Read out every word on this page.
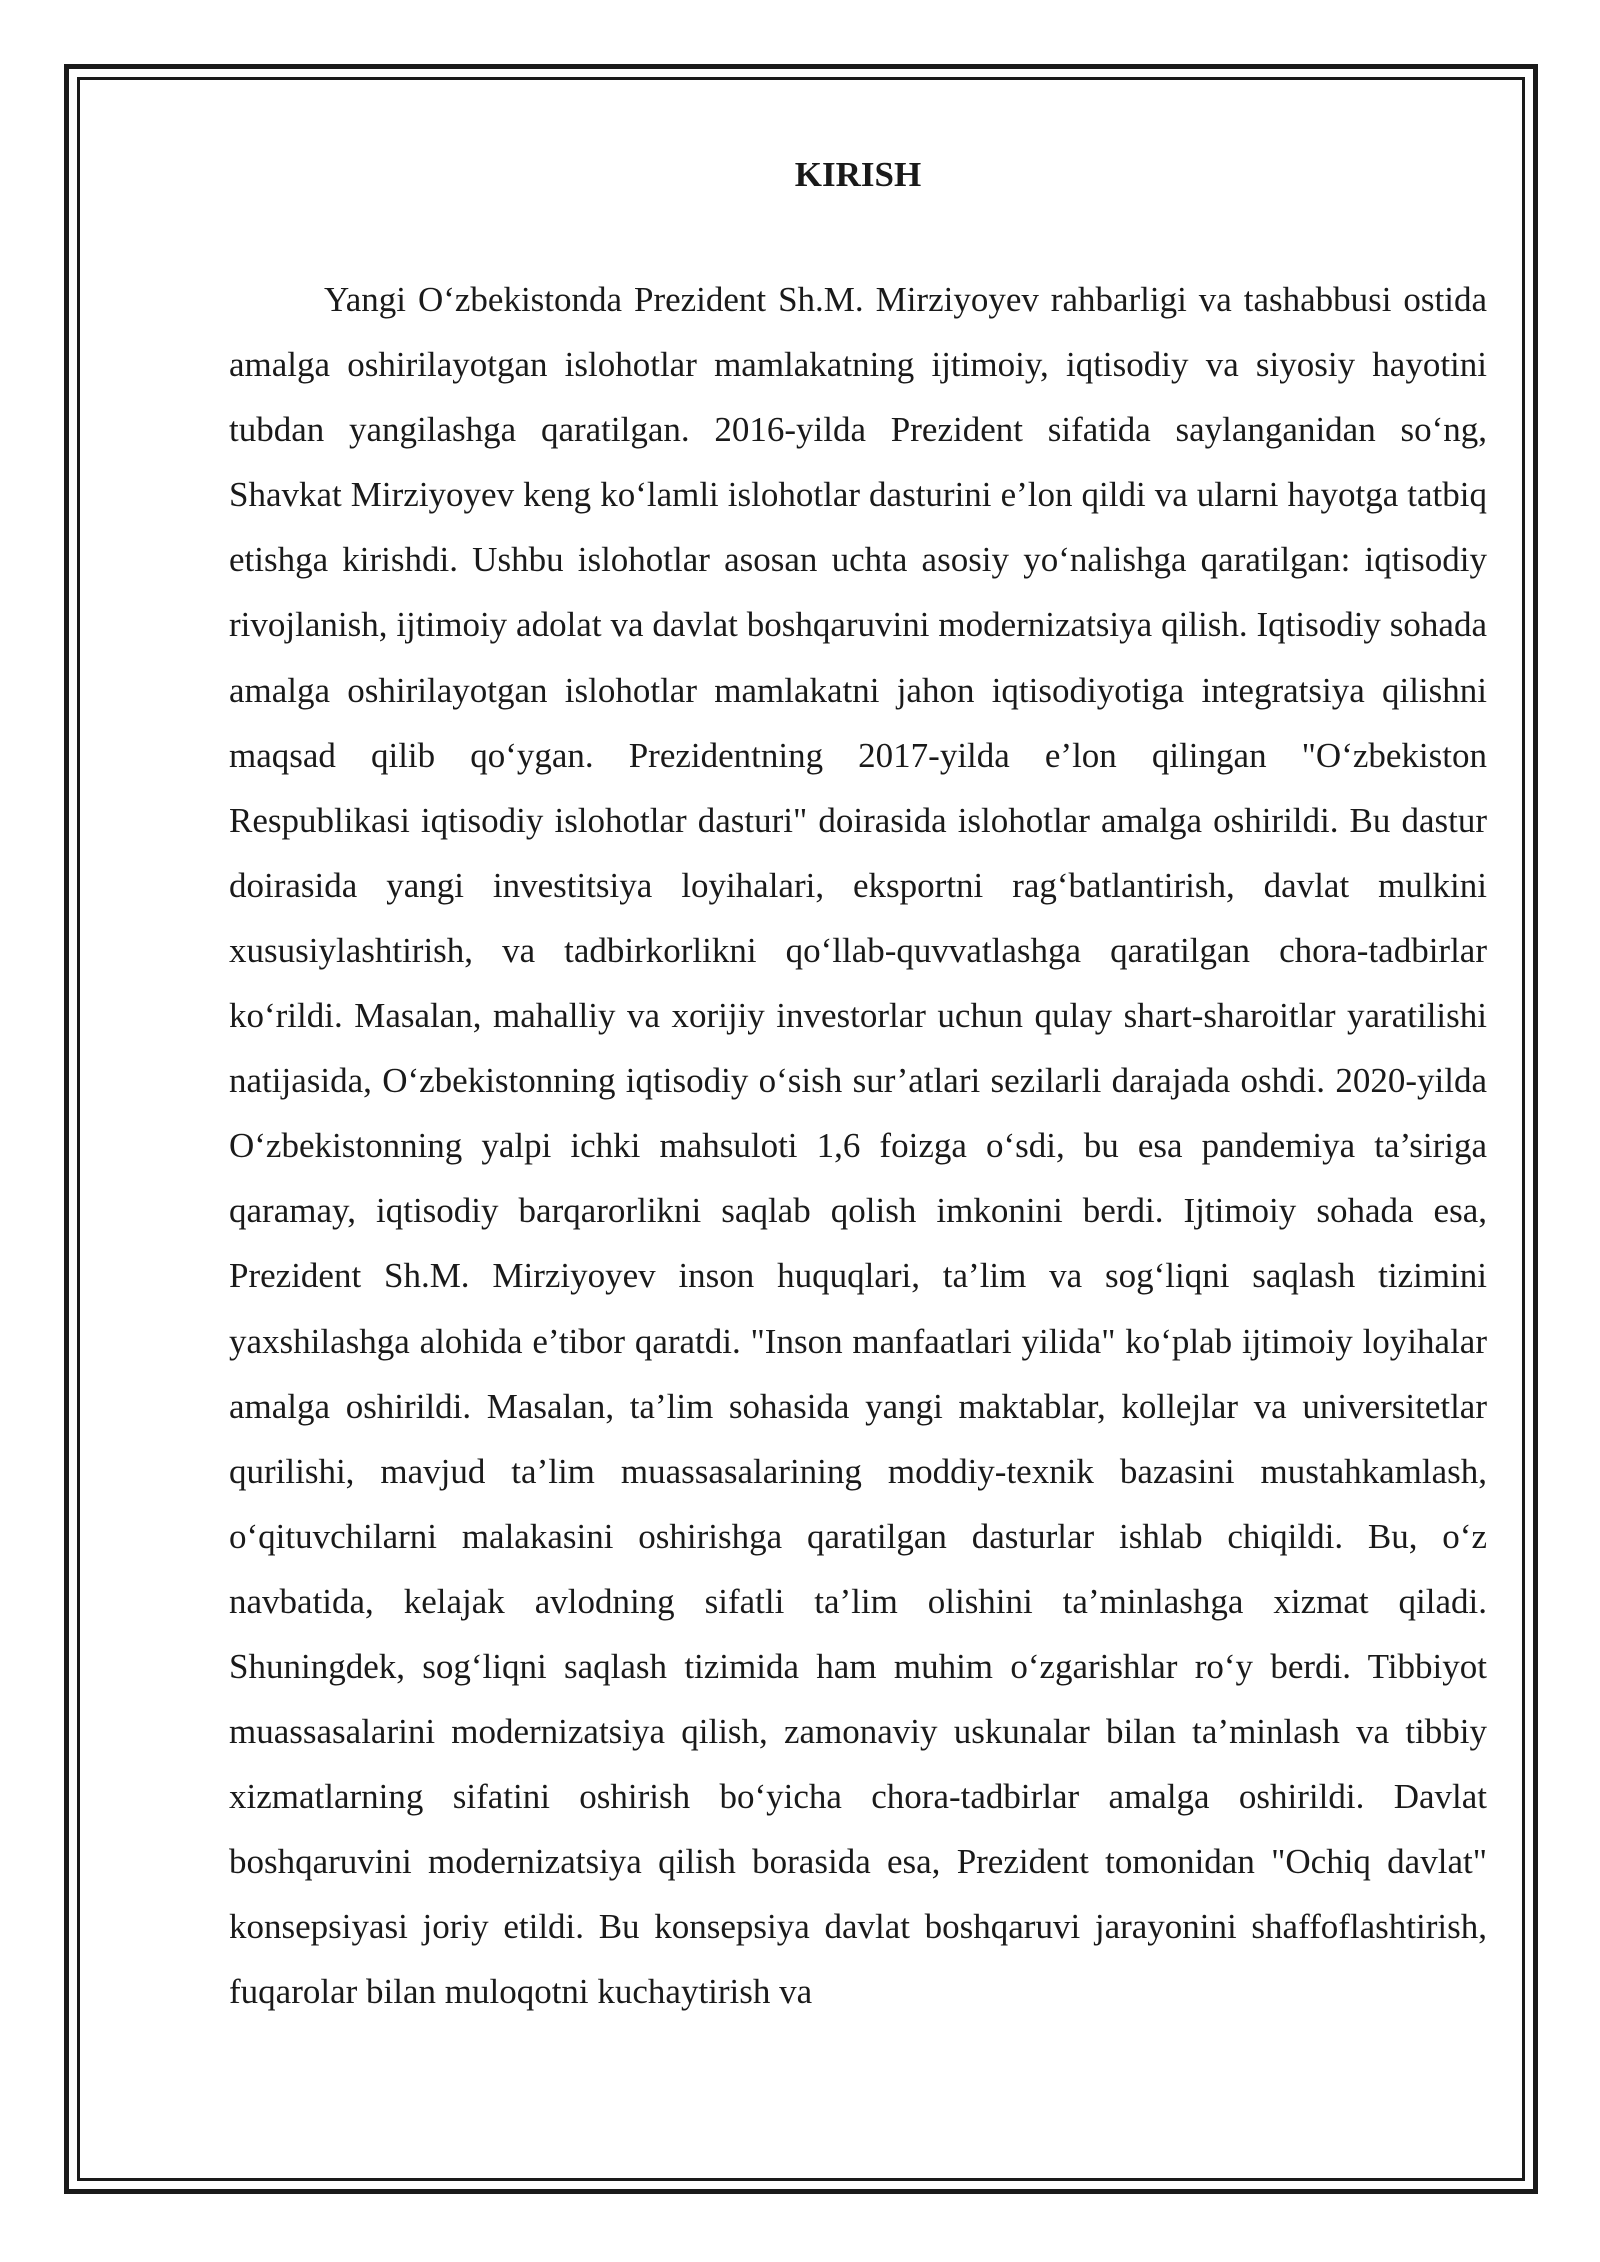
KIRISH

Yangi O‘zbekistonda Prezident Sh.M. Mirziyoyev rahbarligi va tashabbusi ostida amalga oshirilayotgan islohotlar mamlakatning ijtimoiy, iqtisodiy va siyosiy hayotini tubdan yangilashga qaratilgan. 2016-yilda Prezident sifatida saylanganidan so‘ng, Shavkat Mirziyoyev keng ko‘lamli islohotlar dasturini e’lon qildi va ularni hayotga tatbiq etishga kirishdi. Ushbu islohotlar asosan uchta asosiy yo‘nalishga qaratilgan: iqtisodiy rivojlanish, ijtimoiy adolat va davlat boshqaruvini modernizatsiya qilish. Iqtisodiy sohada amalga oshirilayotgan islohotlar mamlakatni jahon iqtisodiyotiga integratsiya qilishni maqsad qilib qo‘ygan. Prezidentning 2017-yilda e’lon qilingan "O‘zbekiston Respublikasi iqtisodiy islohotlar dasturi" doirasida islohotlar amalga oshirildi. Bu dastur doirasida yangi investitsiya loyihalari, eksportni rag‘batlantirish, davlat mulkini xususiylashtirish, va tadbirkorlikni qo‘llab-quvvatlashga qaratilgan chora-tadbirlar ko‘rildi. Masalan, mahalliy va xorijiy investorlar uchun qulay shart-sharoitlar yaratilishi natijasida, O‘zbekistonning iqtisodiy o‘sish sur’atlari sezilarli darajada oshdi. 2020-yilda O‘zbekistonning yalpi ichki mahsuloti 1,6 foizga o‘sdi, bu esa pandemiya ta’siriga qaramay, iqtisodiy barqarorlikni saqlab qolish imkonini berdi. Ijtimoiy sohada esa, Prezident Sh.M. Mirziyoyev inson huquqlari, ta’lim va sog‘liqni saqlash tizimini yaxshilashga alohida e’tibor qaratdi. "Inson manfaatlari yilida" ko‘plab ijtimoiy loyihalar amalga oshirildi. Masalan, ta’lim sohasida yangi maktablar, kollejlar va universitetlar qurilishi, mavjud ta’lim muassasalarining moddiy-texnik bazasini mustahkamlash, o‘qituvchilarni malakasini oshirishga qaratilgan dasturlar ishlab chiqildi. Bu, o‘z navbatida, kelajak avlodning sifatli ta’lim olishini ta’minlashga xizmat qiladi. Shuningdek, sog‘liqni saqlash tizimida ham muhim o‘zgarishlar ro‘y berdi. Tibbiyot muassasalarini modernizatsiya qilish, zamonaviy uskunalar bilan ta’minlash va tibbiy xizmatlarning sifatini oshirish bo‘yicha chora-tadbirlar amalga oshirildi. Davlat boshqaruvini modernizatsiya qilish borasida esa, Prezident tomonidan "Ochiq davlat" konsepsiyasi joriy etildi. Bu konsepsiya davlat boshqaruvi jarayonini shaffoflashtirish, fuqarolar bilan muloqotni kuchaytirish va
